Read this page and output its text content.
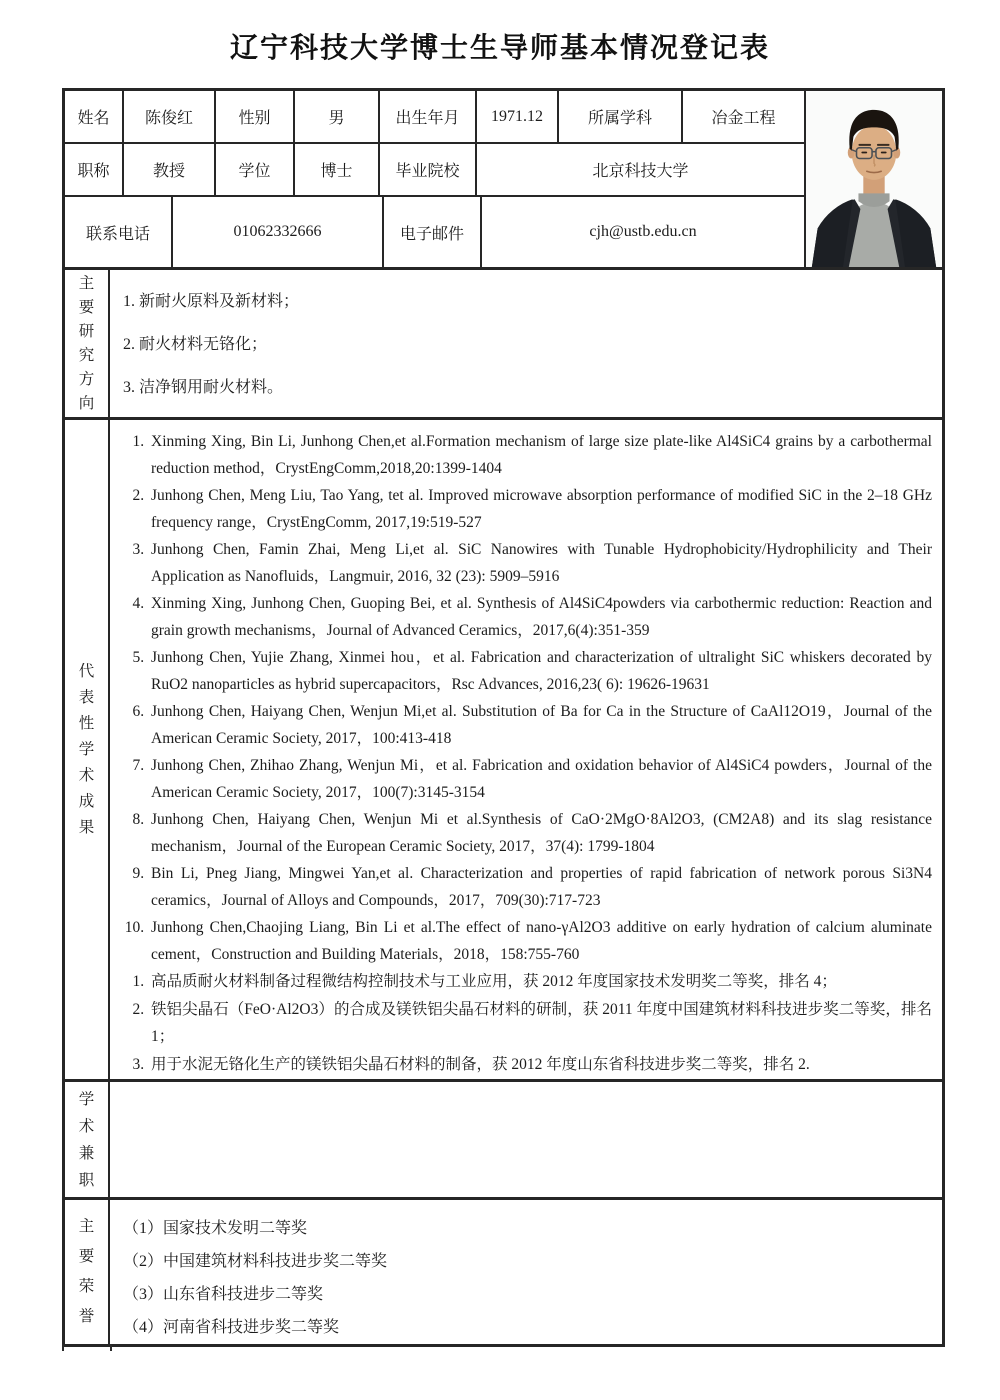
辽宁科技大学博士生导师基本情况登记表
姓名	陈俊红	性别	男	出生年月	1971.12	所属学科	冶金工程
职称	教授	学位	博士	毕业院校	北京科技大学
联系电话	01062332666	电子邮件	cjh@ustb.edu.cn
主要研究方向
1. 新耐火原料及新材料；
2. 耐火材料无铬化；
3. 洁净钢用耐火材料。
代表性学术成果
1. Xinming Xing, Bin Li, Junhong Chen,et al.Formation mechanism of large size plate-like Al4SiC4 grains by a carbothermal reduction method，CrystEngComm,2018,20:1399-1404
2. Junhong Chen, Meng Liu, Tao Yang, tet al. Improved microwave absorption performance of modified SiC in the 2–18 GHz frequency range，CrystEngComm, 2017,19:519-527
3. Junhong Chen, Famin Zhai, Meng Li,et al. SiC Nanowires with Tunable Hydrophobicity/Hydrophilicity and Their Application as Nanofluids，Langmuir, 2016, 32 (23): 5909–5916
4. Xinming Xing, Junhong Chen, Guoping Bei, et al. Synthesis of Al4SiC4powders via carbothermic reduction: Reaction and grain growth mechanisms，Journal of Advanced Ceramics，2017,6(4):351-359
5. Junhong Chen, Yujie Zhang, Xinmei hou，et al. Fabrication and characterization of ultralight SiC whiskers decorated by RuO2 nanoparticles as hybrid supercapacitors，Rsc Advances, 2016,23( 6): 19626-19631
6. Junhong Chen, Haiyang Chen, Wenjun Mi,et al. Substitution of Ba for Ca in the Structure of CaAl12O19，Journal of the American Ceramic Society, 2017，100:413-418
7. Junhong Chen, Zhihao Zhang, Wenjun Mi，et al. Fabrication and oxidation behavior of Al4SiC4 powders，Journal of the American Ceramic Society, 2017，100(7):3145-3154
8. Junhong Chen, Haiyang Chen, Wenjun Mi et al.Synthesis of CaO·2MgO·8Al2O3, (CM2A8) and its slag resistance mechanism，Journal of the European Ceramic Society, 2017，37(4): 1799-1804
9. Bin Li, Pneg Jiang, Mingwei Yan,et al. Characterization and properties of rapid fabrication of network porous Si3N4 ceramics，Journal of Alloys and Compounds，2017，709(30):717-723
10. Junhong Chen,Chaojing Liang, Bin Li et al.The effect of nano-γAl2O3 additive on early hydration of calcium aluminate cement，Construction and Building Materials，2018，158:755-760
1. 高品质耐火材料制备过程微结构控制技术与工业应用，获 2012 年度国家技术发明奖二等奖，排名 4；
2. 铁铝尖晶石（FeO·Al2O3）的合成及镁铁铝尖晶石材料的研制，获 2011 年度中国建筑材料科技进步奖二等奖，排名 1；
3. 用于水泥无铬化生产的镁铁铝尖晶石材料的制备，获 2012 年度山东省科技进步奖二等奖，排名 2.
学术兼职
主要荣誉
（1）国家技术发明二等奖
（2）中国建筑材料科技进步奖二等奖
（3）山东省科技进步二等奖
（4）河南省科技进步奖二等奖
